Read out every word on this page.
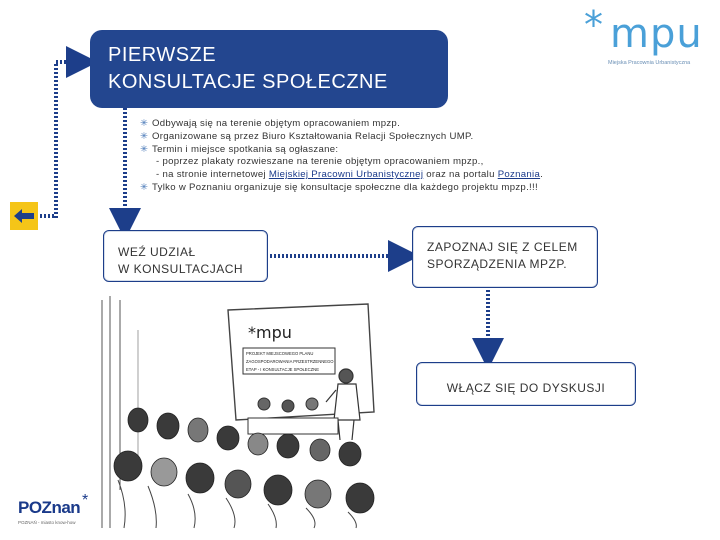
PIERWSZE
KONSULTACJE SPOŁECZNE
* mpu
Miejska Pracownia Urbanistyczna
✳ Odbywają się na terenie objętym opracowaniem mpzp.
✳ Organizowane są przez Biuro Kształtowania Relacji Społecznych UMP.
✳ Termin i miejsce spotkania są ogłaszane:
- poprzez plakaty rozwieszane na terenie objętym opracowaniem mpzp.,
- na stronie internetowej Miejskiej Pracowni Urbanistycznej oraz na portalu Poznania.
✳ Tylko w Poznaniu organizuje się konsultacje społeczne dla każdego projektu mpzp.!!!
WEŹ UDZIAŁ
W KONSULTACJACH
ZAPOZNAJ SIĘ Z CELEM
SPORZĄDZENIA MPZP.
WŁĄCZ SIĘ DO DYSKUSJI
*mpu
PROJEKT MIEJSCOWEGO PLANU
ZAGOSPODAROWANIA PRZESTRZENNEGO
ETAP - I KONSULTACJE SPOŁECZNE
POZnan *
POZNAŃ - miasto know-how
